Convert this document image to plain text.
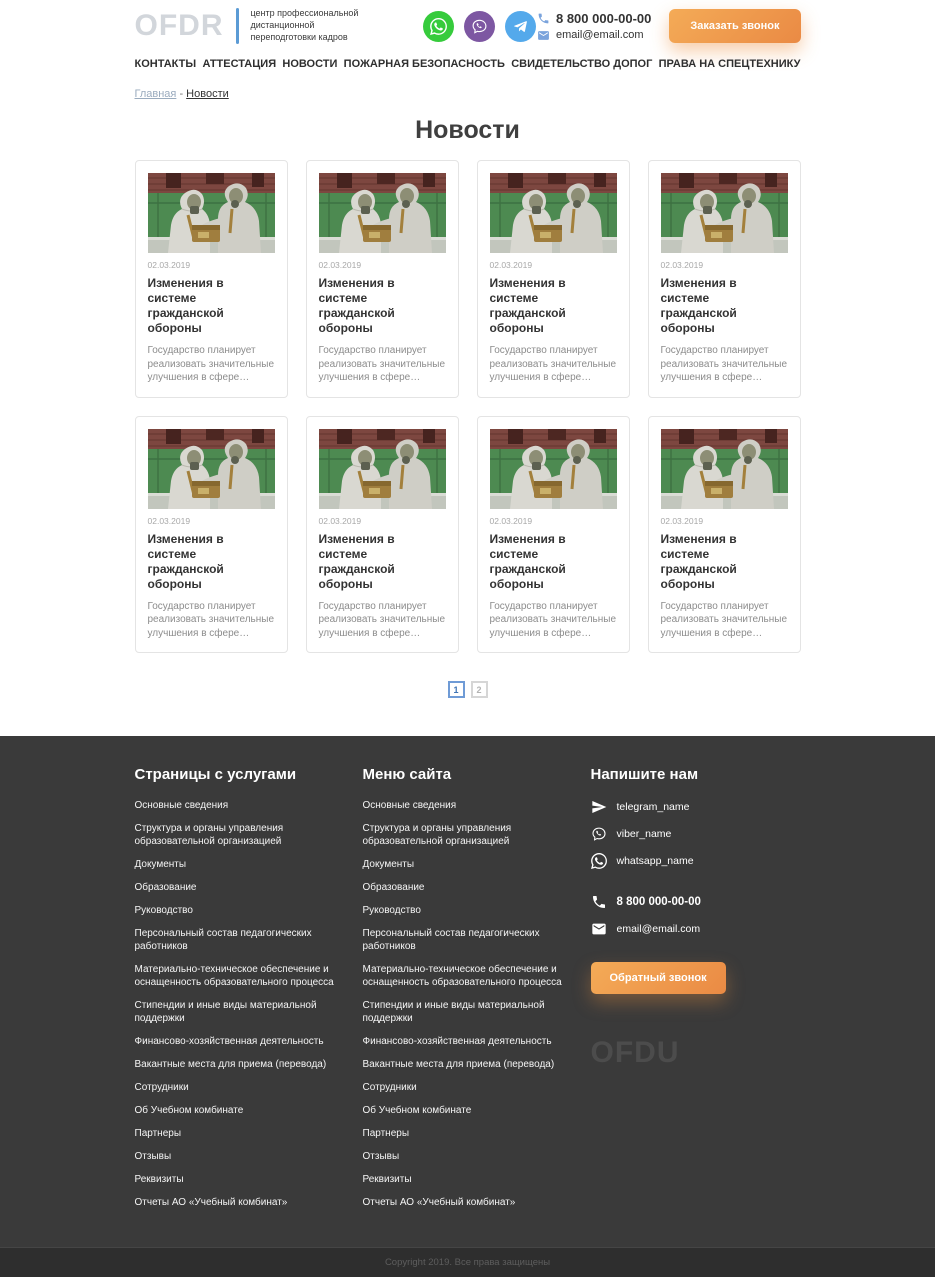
OFDR	центр профессиональной дистанционной переподготовки кадров
8 800 000-00-00
email@email.com
Заказать звонок
КОНТАКТЫ АТТЕСТАЦИЯ НОВОСТИ ПОЖАРНАЯ БЕЗОПАСНОСТЬ СВИДЕТЕЛЬСТВО ДОПОГ ПРАВА НА СПЕЦТЕХНИКУ
Главная - Новости
Новости
02.03.2019
Изменения в системе гражданской обороны
Государство планирует реализовать значительные улучшения в сфере…
02.03.2019
Изменения в системе гражданской обороны
Государство планирует реализовать значительные улучшения в сфере…
02.03.2019
Изменения в системе гражданской обороны
Государство планирует реализовать значительные улучшения в сфере…
02.03.2019
Изменения в системе гражданской обороны
Государство планирует реализовать значительные улучшения в сфере…
02.03.2019
Изменения в системе гражданской обороны
Государство планирует реализовать значительные улучшения в сфере…
02.03.2019
Изменения в системе гражданской обороны
Государство планирует реализовать значительные улучшения в сфере…
02.03.2019
Изменения в системе гражданской обороны
Государство планирует реализовать значительные улучшения в сфере…
02.03.2019
Изменения в системе гражданской обороны
Государство планирует реализовать значительные улучшения в сфере…
1	2
Страницы с услугами
Основные сведения
Структура и органы управления образовательной организацией
Документы
Образование
Руководство
Персональный состав педагогических работников
Материально-техническое обеспечение и оснащенность образовательного процесса
Стипендии и иные виды материальной поддержки
Финансово-хозяйственная деятельность
Вакантные места для приема (перевода)
Сотрудники
Об Учебном комбинате
Партнеры
Отзывы
Реквизиты
Отчеты АО «Учебный комбинат»
Меню сайта
Основные сведения
Структура и органы управления образовательной организацией
Документы
Образование
Руководство
Персональный состав педагогических работников
Материально-техническое обеспечение и оснащенность образовательного процесса
Стипендии и иные виды материальной поддержки
Финансово-хозяйственная деятельность
Вакантные места для приема (перевода)
Сотрудники
Об Учебном комбинате
Партнеры
Отзывы
Реквизиты
Отчеты АО «Учебный комбинат»
Напишите нам
telegram_name
viber_name
whatsapp_name
8 800 000-00-00
email@email.com
Обратный звонок
OFDU
Copyright 2019. Все права защищены
